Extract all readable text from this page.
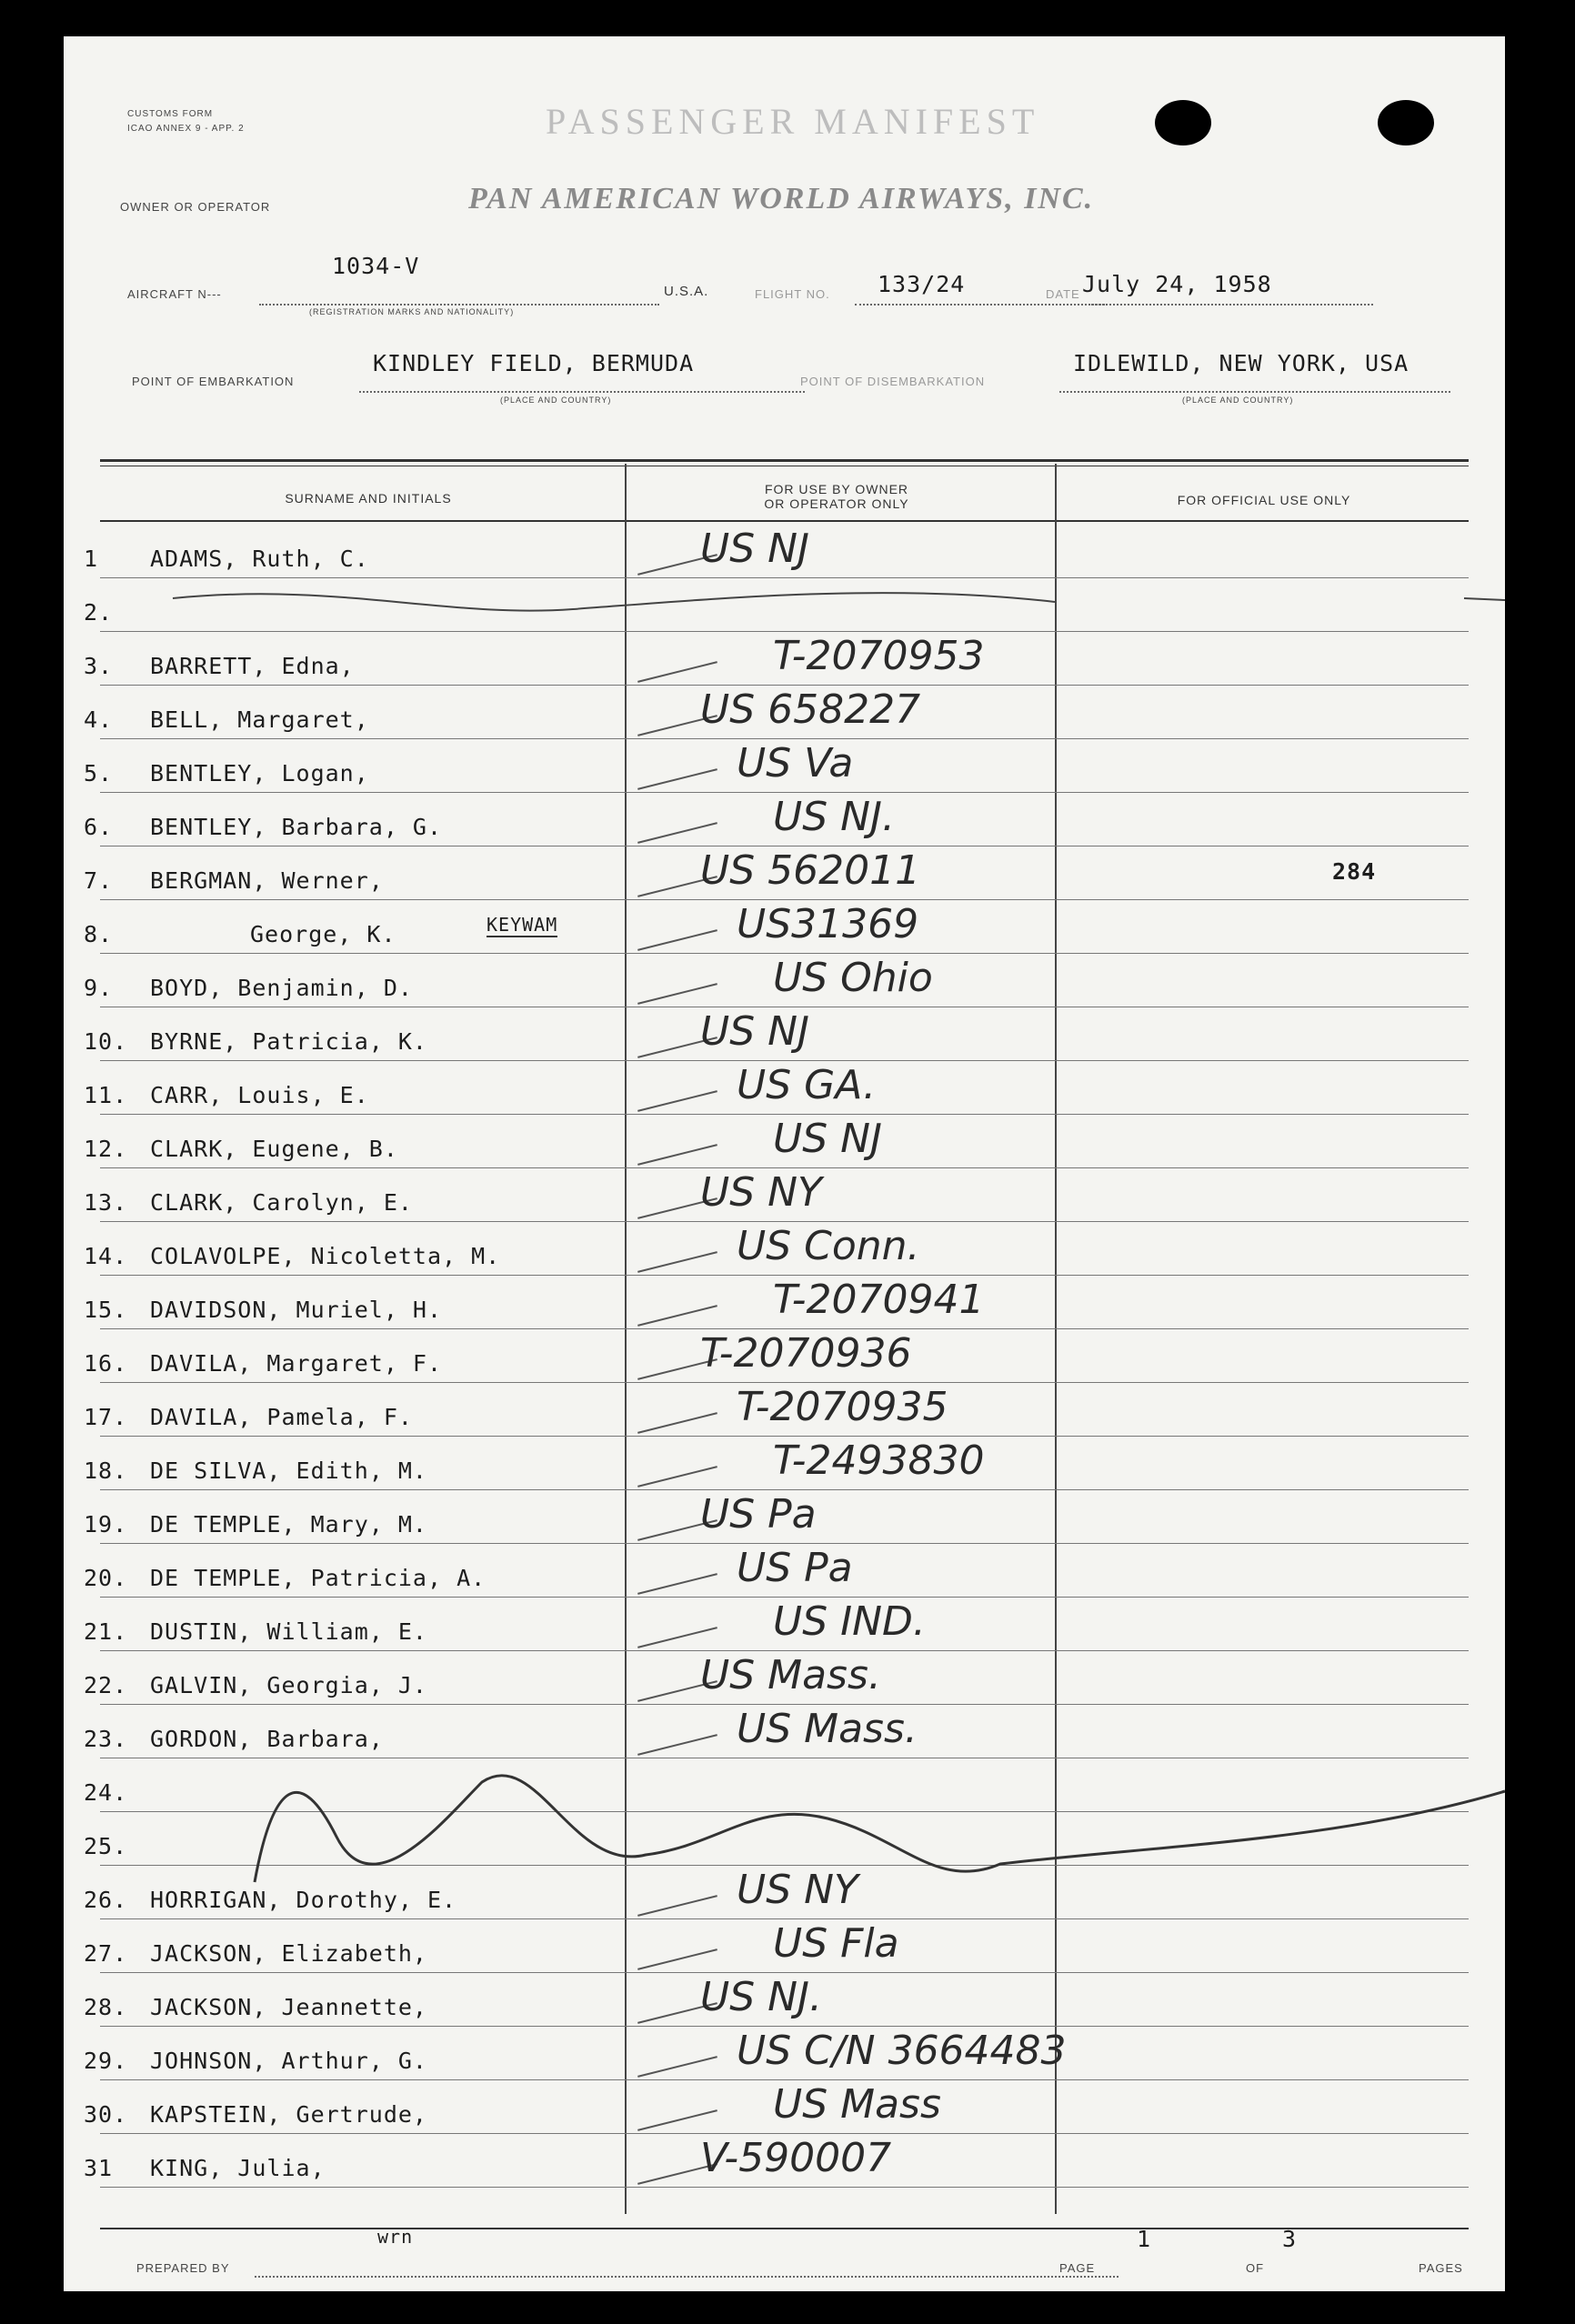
CUSTOMS FORM
ICAO ANNEX 9 - APP. 2	PASSENGER MANIFEST
OWNER OR OPERATOR	PAN AMERICAN WORLD AIRWAYS, INC.
AIRCRAFT N---
1034-V
(REGISTRATION MARKS AND NATIONALITY)
U.S.A.	FLIGHT NO. 133/24	DATE July 24, 1958
POINT OF EMBARKATION
KINDLEY FIELD, BERMUDA
(PLACE AND COUNTRY)
POINT OF DISEMBARKATION
IDLEWILD, NEW YORK, USA
(PLACE AND COUNTRY)
SURNAME AND INITIALS
FOR USE BY OWNER
OR OPERATOR ONLY	FOR OFFICIAL USE ONLY
1 ADAMS, Ruth, C.	US NJ
2.
3. BARRETT, Edna,	T-2070953
4. BELL, Margaret,	US 658227
5. BENTLEY, Logan,	US Va
6. BENTLEY, Barbara, G.	US NJ.
7. BERGMAN, Werner,	US 562011	284
8.	George, K.	US31369
9. BOYD, Benjamin, D.	US Ohio
10. BYRNE, Patricia, K.	US NJ
11. CARR, Louis, E.	US GA.
12. CLARK, Eugene, B.	US NJ
13. CLARK, Carolyn, E.	US NY
14. COLAVOLPE, Nicoletta, M.	US Conn.
15. DAVIDSON, Muriel, H.	T-2070941
16. DAVILA, Margaret, F.	T-2070936
17. DAVILA, Pamela, F.	T-2070935
18. DE SILVA, Edith, M.	T-2493830
19. DE TEMPLE, Mary, M.	US Pa
20. DE TEMPLE, Patricia, A.	US Pa
21. DUSTIN, William, E.	US IND.
22. GALVIN, Georgia, J.	US Mass.
23. GORDON, Barbara,	US Mass.
24.
25.
26. HORRIGAN, Dorothy, E.	US NY
27. JACKSON, Elizabeth,	US Fla
28. JACKSON, Jeannette,	US NJ.
29. JOHNSON, Arthur, G.	US C/N 3664483
30. KAPSTEIN, Gertrude,	US Mass
31 KING, Julia,	V-590007
KEYWAM
PREPARED BY
wrn
PAGE
1
OF
3
PAGES
